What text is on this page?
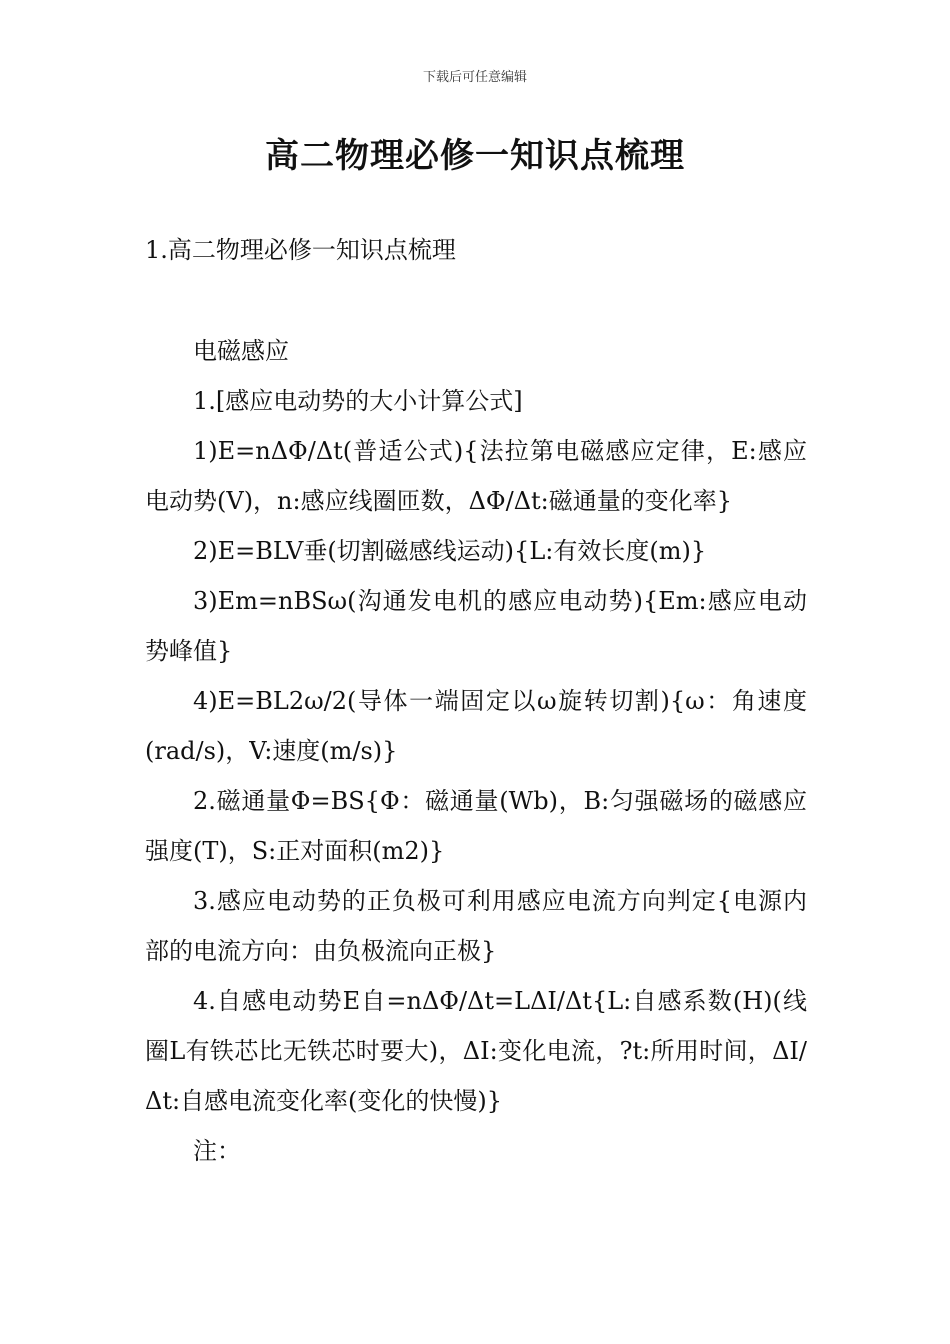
下载后可任意编辑
高二物理必修一知识点梳理
1.高二物理必修一知识点梳理

电磁感应

1.[感应电动势的大小计算公式]

1)E=nΔΦ/Δt(普适公式){法拉第电磁感应定律，E:感应电动势(V)，n:感应线圈匝数，ΔΦ/Δt:磁通量的变化率}

2)E=BLV垂(切割磁感线运动){L:有效长度(m)}

3)Em=nBSω(沟通发电机的感应电动势){Em:感应电动势峰值}

4)E=BL2ω/2(导体一端固定以ω旋转切割){ω：角速度(rad/s)，V:速度(m/s)}

2.磁通量Φ=BS{Φ：磁通量(Wb)，B:匀强磁场的磁感应强度(T)，S:正对面积(m2)}

3.感应电动势的正负极可利用感应电流方向判定{电源内部的电流方向：由负极流向正极}

4.自感电动势E自=nΔΦ/Δt=LΔI/Δt{L:自感系数(H)(线圈L有铁芯比无铁芯时要大)，ΔI:变化电流，?t:所用时间，ΔI/Δt:自感电流变化率(变化的快慢)}

注：
